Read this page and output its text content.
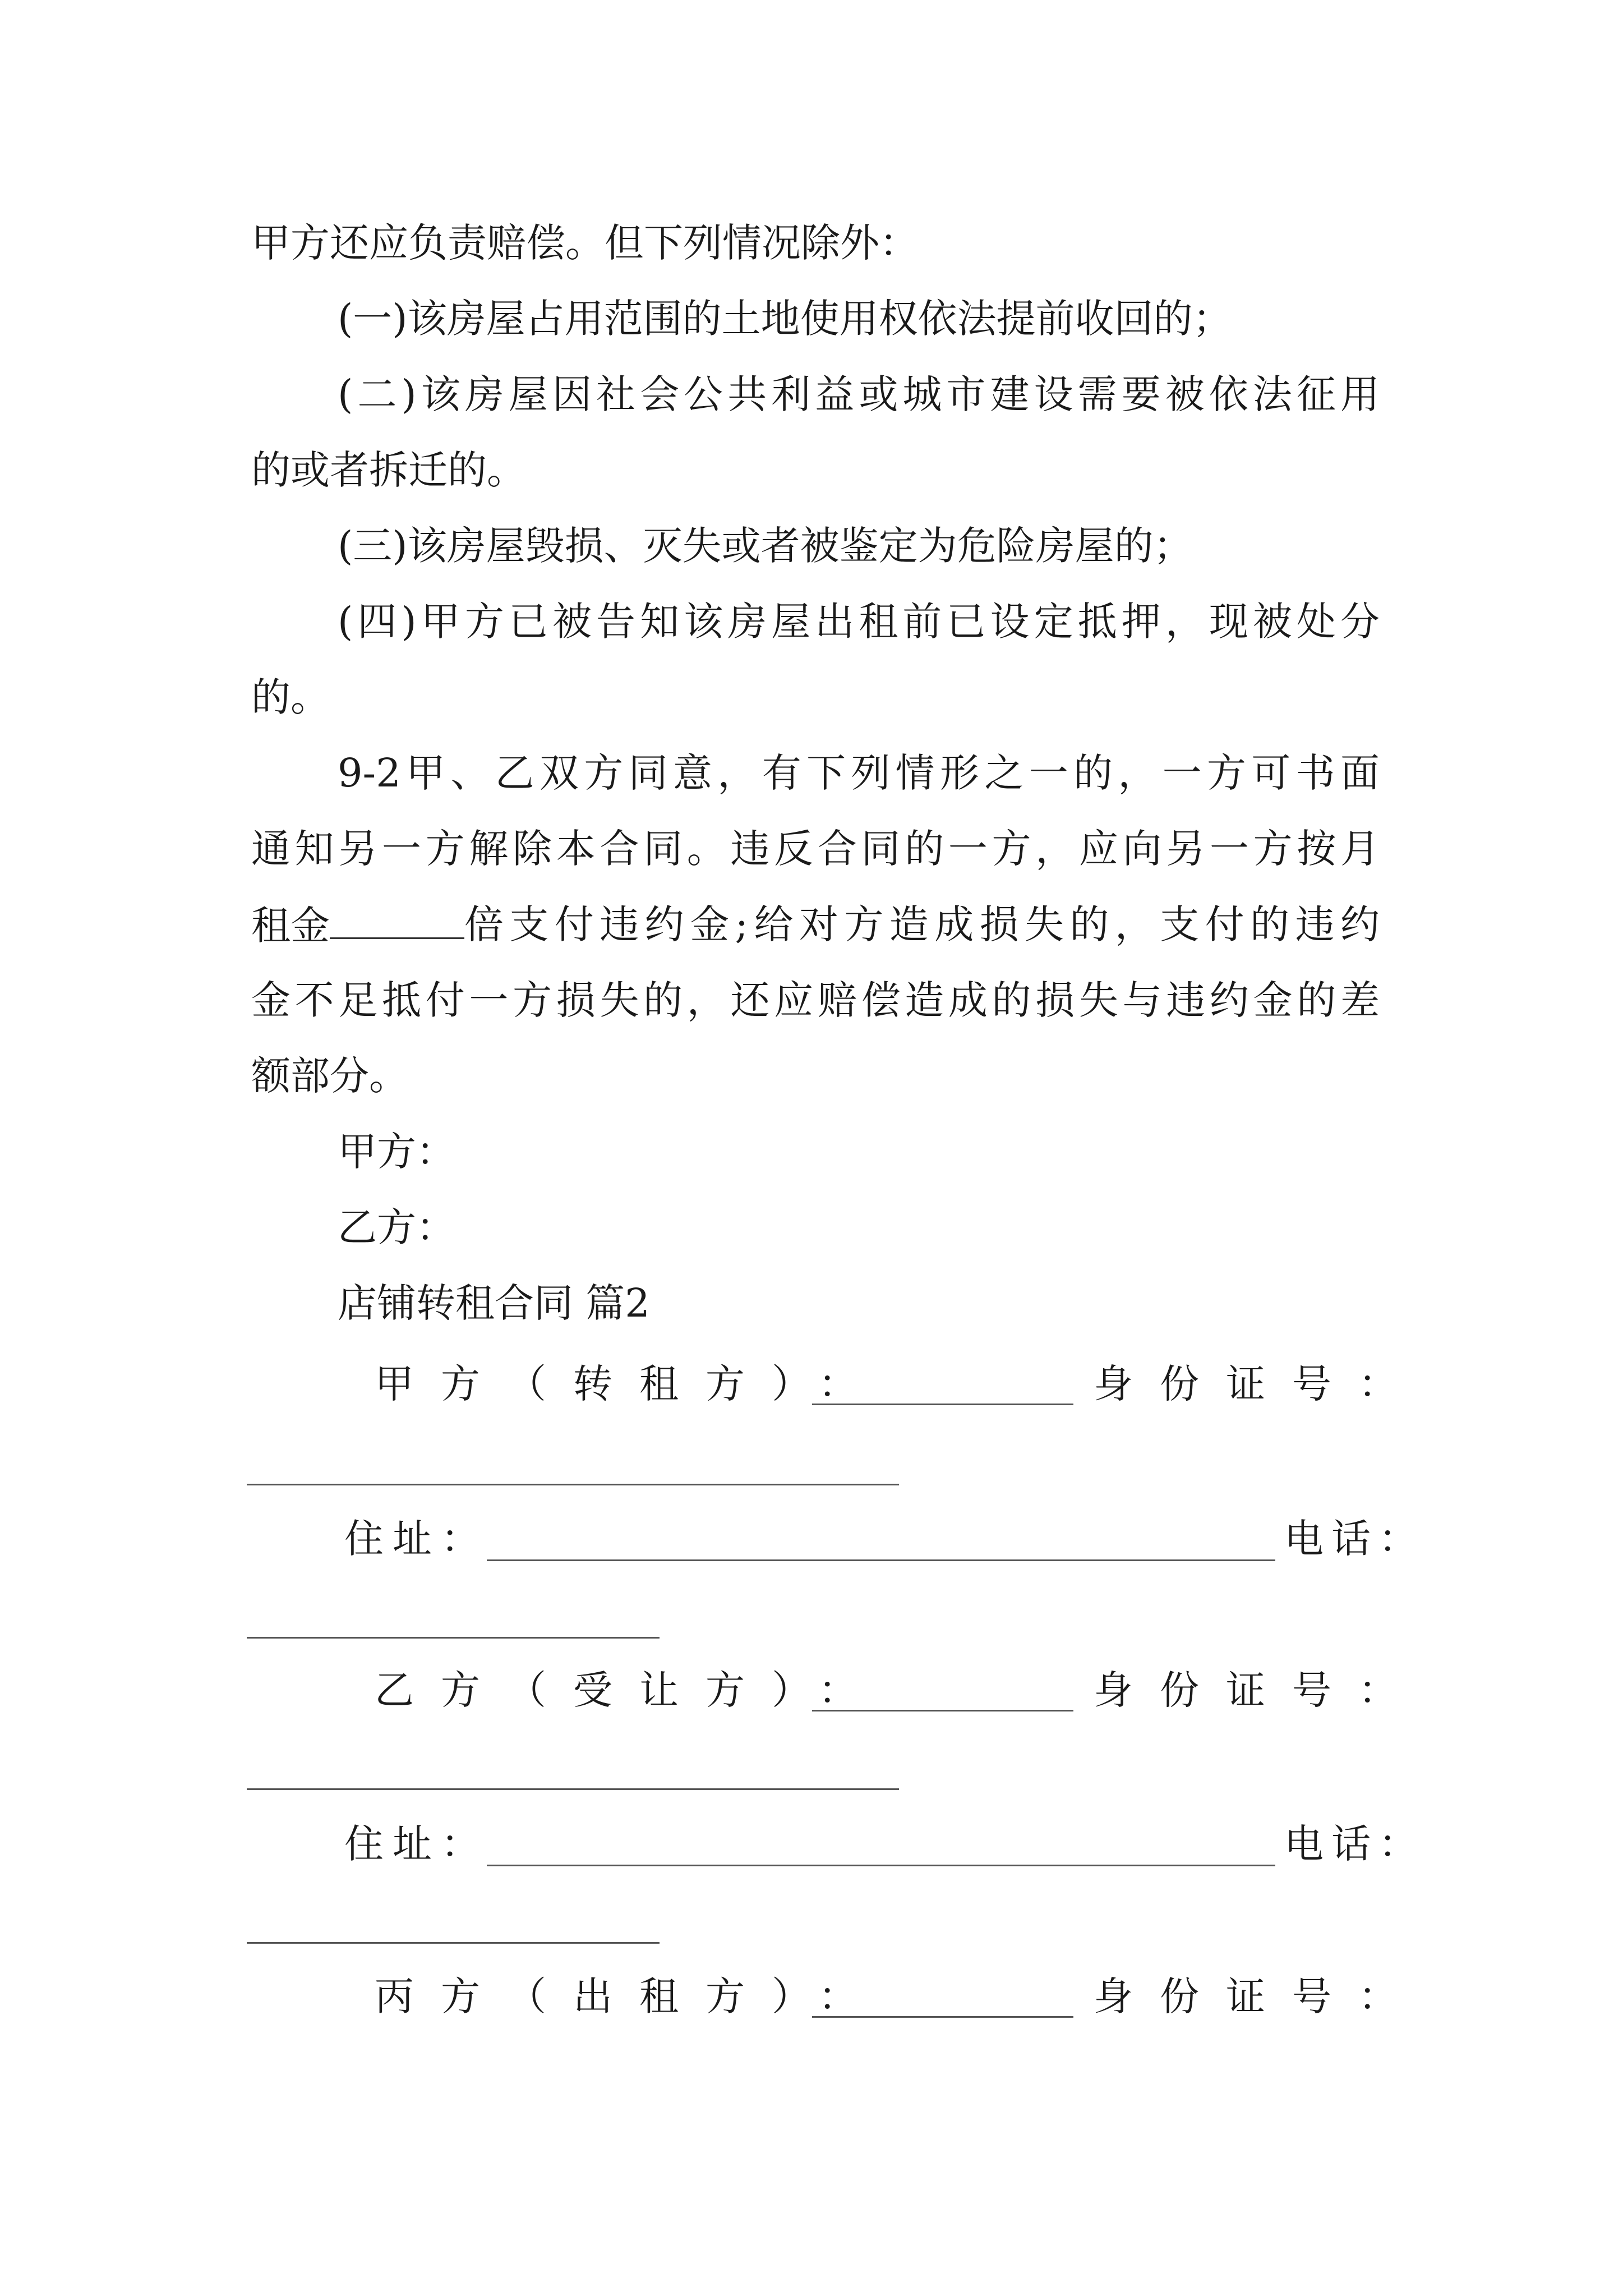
甲方还应负责赔偿。但下列情况除外：
(一)该房屋占用范围的土地使用权依法提前收回的；
(二)该房屋因社会公共利益或城市建设需要被依法征用
的或者拆迁的。
(三)该房屋毁损、灭失或者被鉴定为危险房屋的；
(四)甲方已被告知该房屋出租前已设定抵押，现被处分
的。
9-2甲、乙双方同意，有下列情形之一的，一方可书面
通知另一方解除本合同。违反合同的一方，应向另一方按月
租金	倍支付违约金;给对方造成损失的，支付的违约
金不足抵付一方损失的，还应赔偿造成的损失与违约金的差
额部分。
甲方：
乙方：
店铺转租合同 篇2
甲方（转租方）：	身份证号：
住址：	电话：
乙方（受让方）：	身份证号：
住址：	电话：
丙方（出租方）：	身份证号：
